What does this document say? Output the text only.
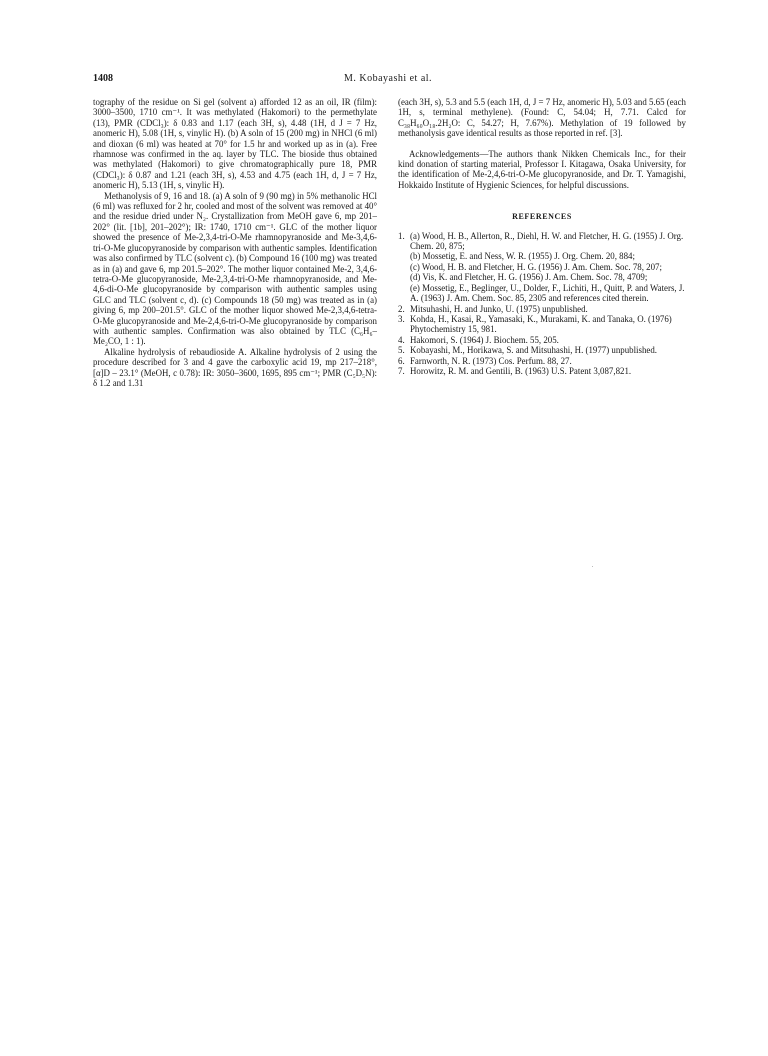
1408	M. Kobayashi et al.

tography of the residue on Si gel (solvent a) afforded 12 as an oil, IR (film): 3000–3500, 1710 cm⁻¹. It was methylated (Hakomori) to the permethylate (13), PMR (CDCl₃): δ 0.83 and 1.17 (each 3H, s), 4.48 (1H, d J = 7 Hz, anomeric H), 5.08 (1H, s, vinylic H). (b) A soln of 15 (200 mg) in NHCl (6 ml) and dioxan (6 ml) was heated at 70° for 1.5 hr and worked up as in (a). Free rhamnose was confirmed in the aq. layer by TLC. The bioside thus obtained was methylated (Hakomori) to give chromatographically pure 18, PMR (CDCl₃): δ 0.87 and 1.21 (each 3H, s), 4.53 and 4.75 (each 1H, d, J = 7 Hz, anomeric H), 5.13 (1H, s, vinylic H).

Methanolysis of 9, 16 and 18. (a) A soln of 9 (90 mg) in 5% methanolic HCl (6 ml) was refluxed for 2 hr, cooled and most of the solvent was removed at 40° and the residue dried under N₂. Crystallization from MeOH gave 6, mp 201–202° (lit. [1b], 201–202°); IR: 1740, 1710 cm⁻¹. GLC of the mother liquor showed the presence of Me-2,3,4-tri-O-Me rhamnopyranoside and Me-3,4,6-tri-O-Me glucopyranoside by comparison with authentic samples. Identification was also confirmed by TLC (solvent c). (b) Compound 16 (100 mg) was treated as in (a) and gave 6, mp 201.5–202°. The mother liquor contained Me-2, 3,4,6-tetra-O-Me glucopyranoside, Me-2,3,4-tri-O-Me rhamnopyranoside, and Me-4,6-di-O-Me glucopyranoside by comparison with authentic samples using GLC and TLC (solvent c, d). (c) Compounds 18 (50 mg) was treated as in (a) giving 6, mp 200–201.5°. GLC of the mother liquor showed Me-2,3,4,6-tetra-O-Me glucopyranoside and Me-2,4,6-tri-O-Me glucopyranoside by comparison with authentic samples. Confirmation was also obtained by TLC (C₆H₆–Me₂CO, 1 : 1).

Alkaline hydrolysis of rebaudioside A. Alkaline hydrolysis of 2 using the procedure described for 3 and 4 gave the carboxylic acid 19, mp 217–218°, [α]D – 23.1° (MeOH, c 0.78): IR: 3050–3600, 1695, 895 cm⁻¹; PMR (C₅D₅N): δ 1.2 and 1.31

(each 3H, s), 5.3 and 5.5 (each 1H, d, J = 7 Hz, anomeric H), 5.03 and 5.65 (each 1H, s, terminal methylene). (Found: C, 54.04; H, 7.71. Calcd for C₃₈H₆₀O₁₈.2H₂O: C, 54.27; H, 7.67%). Methylation of 19 followed by methanolysis gave identical results as those reported in ref. [3].

Acknowledgements—The authors thank Nikken Chemicals Inc., for their kind donation of starting material, Professor I. Kitagawa, Osaka University, for the identification of Me-2,4,6-tri-O-Me glucopyranoside, and Dr. T. Yamagishi, Hokkaido Institute of Hygienic Sciences, for helpful discussions.

REFERENCES
1. (a) Wood, H. B., Allerton, R., Diehl, H. W. and Fletcher, H. G. (1955) J. Org. Chem. 20, 875;
(b) Mossetig, E. and Ness, W. R. (1955) J. Org. Chem. 20, 884;
(c) Wood, H. B. and Fletcher, H. G. (1956) J. Am. Chem. Soc. 78, 207;
(d) Vis, K. and Fletcher, H. G. (1956) J. Am. Chem. Soc. 78, 4709;
(e) Mossetig, E., Beglinger, U., Dolder, F., Lichiti, H., Quitt, P. and Waters, J. A. (1963) J. Am. Chem. Soc. 85, 2305 and references cited therein.
2. Mitsuhashi, H. and Junko, U. (1975) unpublished.
3. Kohda, H., Kasai, R., Yamasaki, K., Murakami, K. and Tanaka, O. (1976) Phytochemistry 15, 981.
4. Hakomori, S. (1964) J. Biochem. 55, 205.
5. Kobayashi, M., Horikawa, S. and Mitsuhashi, H. (1977) unpublished.
6. Farnworth, N. R. (1973) Cos. Perfum. 88, 27.
7. Horowitz, R. M. and Gentili, B. (1963) U.S. Patent 3,087,821.
